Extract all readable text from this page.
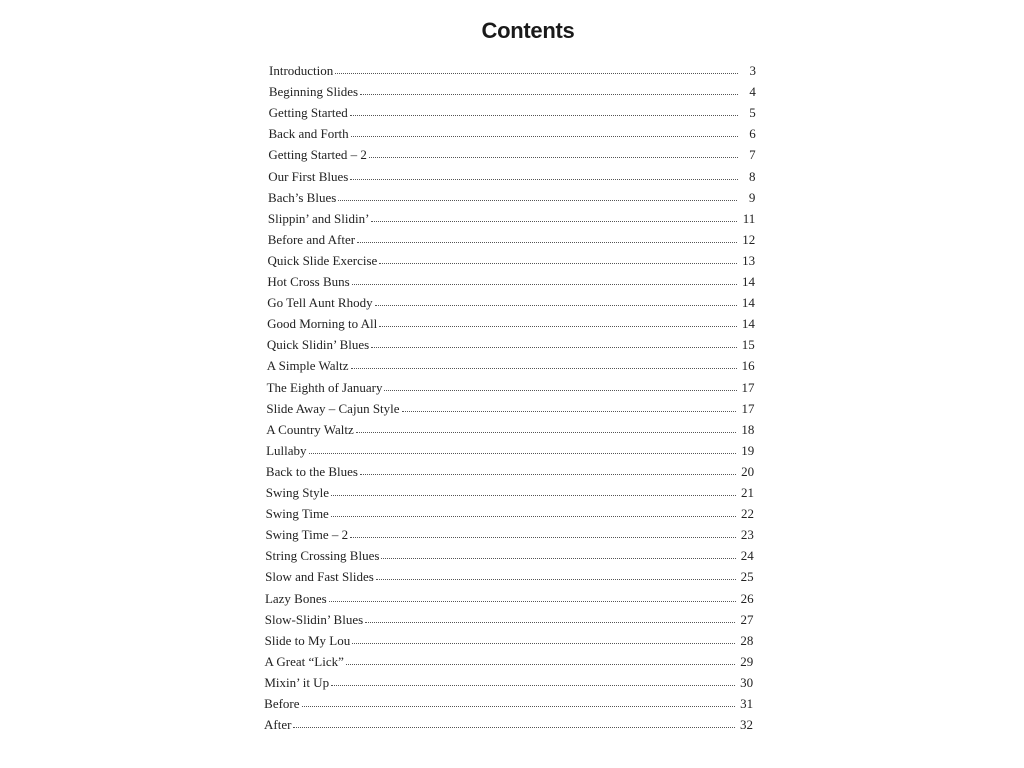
Contents
Introduction	3
Beginning Slides	4
Getting Started	5
Back and Forth	6
Getting Started – 2	7
Our First Blues	8
Bach’s Blues	9
Slippin’ and Slidin’	11
Before and After	12
Quick Slide Exercise	13
Hot Cross Buns	14
Go Tell Aunt Rhody	14
Good Morning to All	14
Quick Slidin’ Blues	15
A Simple Waltz	16
The Eighth of January	17
Slide Away – Cajun Style	17
A Country Waltz	18
Lullaby	19
Back to the Blues	20
Swing Style	21
Swing Time	22
Swing Time – 2	23
String Crossing Blues	24
Slow and Fast Slides	25
Lazy Bones	26
Slow-Slidin’ Blues	27
Slide to My Lou	28
A Great “Lick”	29
Mixin’ it Up	30
Before	31
After	32
